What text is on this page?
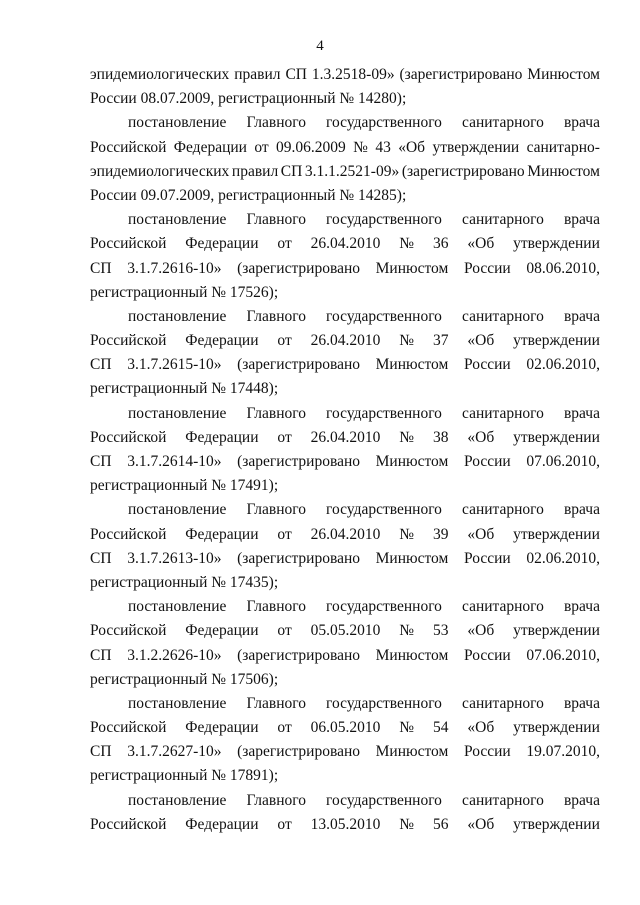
4
эпидемиологических правил СП 1.3.2518-09» (зарегистрировано Минюстом
России 08.07.2009, регистрационный № 14280);
постановление Главного государственного санитарного врача
Российской Федерации от 09.06.2009 № 43 «Об утверждении санитарно-
эпидемиологических правил СП 3.1.1.2521-09» (зарегистрировано Минюстом
России 09.07.2009, регистрационный № 14285);
постановление Главного государственного санитарного врача
Российской Федерации от 26.04.2010 № 36 «Об утверждении
СП 3.1.7.2616-10» (зарегистрировано Минюстом России 08.06.2010,
регистрационный № 17526);
постановление Главного государственного санитарного врача
Российской Федерации от 26.04.2010 № 37 «Об утверждении
СП 3.1.7.2615-10» (зарегистрировано Минюстом России 02.06.2010,
регистрационный № 17448);
постановление Главного государственного санитарного врача
Российской Федерации от 26.04.2010 № 38 «Об утверждении
СП 3.1.7.2614-10» (зарегистрировано Минюстом России 07.06.2010,
регистрационный № 17491);
постановление Главного государственного санитарного врача
Российской Федерации от 26.04.2010 № 39 «Об утверждении
СП 3.1.7.2613-10» (зарегистрировано Минюстом России 02.06.2010,
регистрационный № 17435);
постановление Главного государственного санитарного врача
Российской Федерации от 05.05.2010 № 53 «Об утверждении
СП 3.1.2.2626-10» (зарегистрировано Минюстом России 07.06.2010,
регистрационный № 17506);
постановление Главного государственного санитарного врача
Российской Федерации от 06.05.2010 № 54 «Об утверждении
СП 3.1.7.2627-10» (зарегистрировано Минюстом России 19.07.2010,
регистрационный № 17891);
постановление Главного государственного санитарного врача
Российской Федерации от 13.05.2010 № 56 «Об утверждении
